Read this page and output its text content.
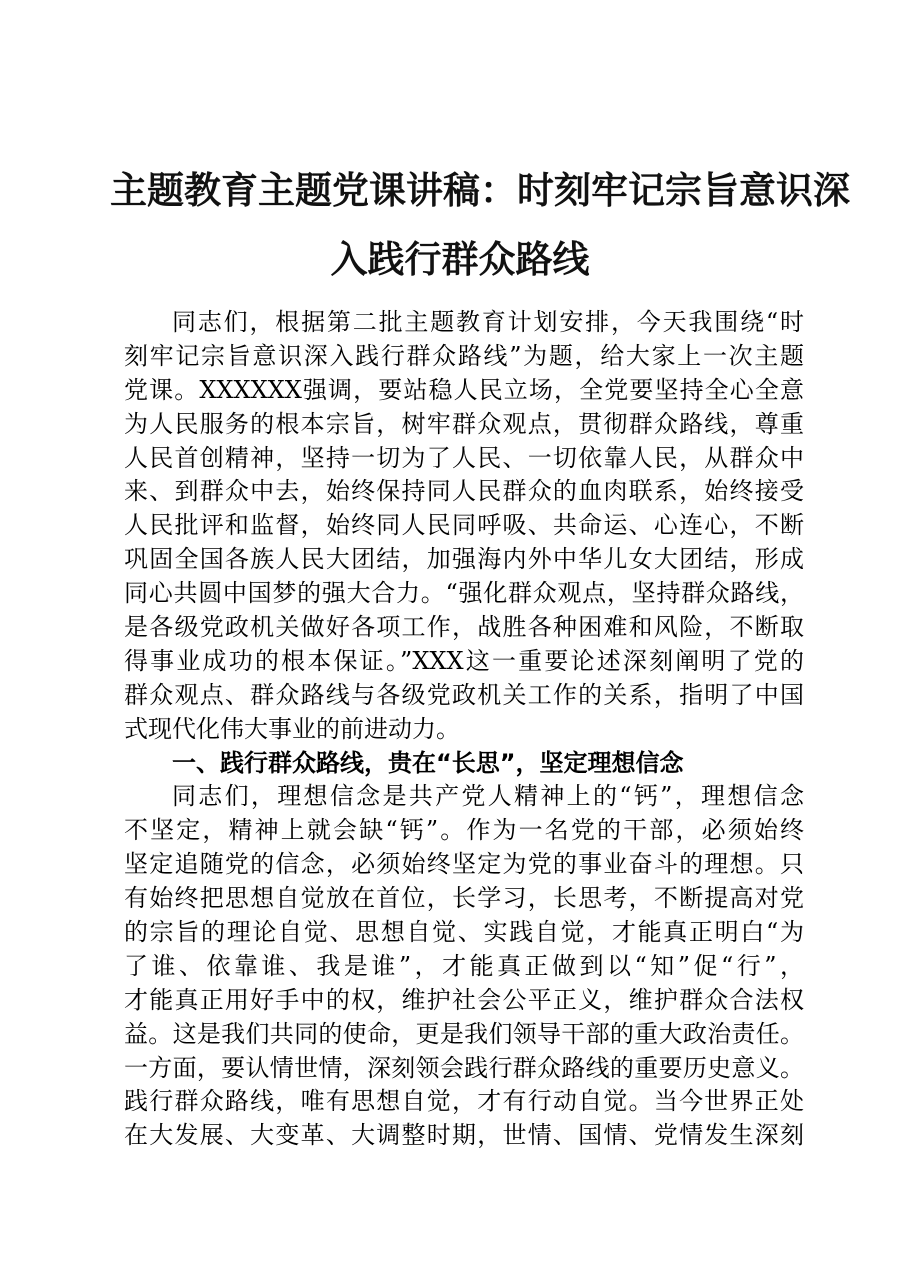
主题教育主题党课讲稿：时刻牢记宗旨意识深
入践行群众路线
同志们，根据第二批主题教育计划安排，今天我围绕“时
刻牢记宗旨意识深入践行群众路线”为题，给大家上一次主题
党课。XXXXXX强调，要站稳人民立场，全党要坚持全心全意
为人民服务的根本宗旨，树牢群众观点，贯彻群众路线，尊重
人民首创精神，坚持一切为了人民、一切依靠人民，从群众中
来、到群众中去，始终保持同人民群众的血肉联系，始终接受
人民批评和监督，始终同人民同呼吸、共命运、心连心，不断
巩固全国各族人民大团结，加强海内外中华儿女大团结，形成
同心共圆中国梦的强大合力。“强化群众观点，坚持群众路线，
是各级党政机关做好各项工作，战胜各种困难和风险，不断取
得事业成功的根本保证。”XXX这一重要论述深刻阐明了党的
群众观点、群众路线与各级党政机关工作的关系，指明了中国
式现代化伟大事业的前进动力。
一、践行群众路线，贵在“长思”，坚定理想信念
同志们，理想信念是共产党人精神上的“钙”，理想信念
不坚定，精神上就会缺“钙”。作为一名党的干部，必须始终
坚定追随党的信念，必须始终坚定为党的事业奋斗的理想。只
有始终把思想自觉放在首位，长学习，长思考，不断提高对党
的宗旨的理论自觉、思想自觉、实践自觉，才能真正明白“为
了谁、依靠谁、我是谁”，才能真正做到以“知”促“行”，
才能真正用好手中的权，维护社会公平正义，维护群众合法权
益。这是我们共同的使命，更是我们领导干部的重大政治责任。
一方面，要认情世情，深刻领会践行群众路线的重要历史意义。
践行群众路线，唯有思想自觉，才有行动自觉。当今世界正处
在大发展、大变革、大调整时期，世情、国情、党情发生深刻
